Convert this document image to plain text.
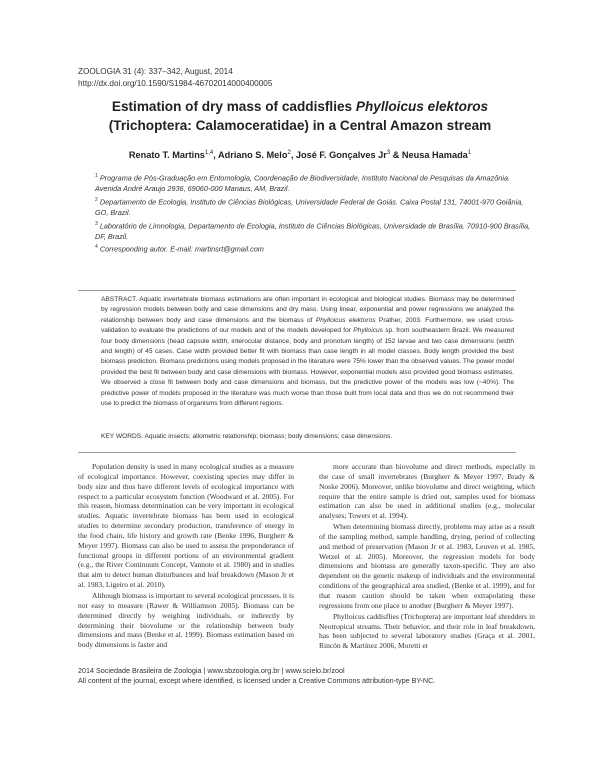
ZOOLOGIA 31 (4): 337–342, August, 2014
http://dx.doi.org/10.1590/S1984-46702014000400005
Estimation of dry mass of caddisflies Phylloicus elektoros
(Trichoptera: Calamoceratidae) in a Central Amazon stream
Renato T. Martins$^{1,4}$, Adriano S. Melo$^2$, José F. Gonçalves Jr$^3$ & Neusa Hamada$^1$

$^1$ Programa de Pós-Graduação em Entomologia, Coordenação de Biodiversidade, Instituto Nacional de Pesquisas da Amazônia. Avenida André Araujo 2936, 69060-000 Manaus, AM, Brazil.

$^2$ Departamento de Ecologia, Instituto de Ciências Biológicas, Universidade Federal de Goiás. Caixa Postal 131, 74001-970 Goiânia, GO, Brazil.

$^3$ Laboratório de Limnologia, Departamento de Ecologia, Instituto de Ciências Biológicas, Universidade de Brasília. 70910-900 Brasília, DF, Brazil.

$^4$ Corresponding autor. E-mail: martinsrt@gmail.com

ABSTRACT. Aquatic invertebrate biomass estimations are often important in ecological and biological studies. Biomass may be determined by regression models between body and case dimensions and dry mass. Using linear, exponential and power regressions we analyzed the relationship between body and case dimensions and the biomass of Phylloicus elektoros Prather, 2003. Furthermore, we used cross-validation to evaluate the predictions of our models and of the models developed for Phylloicus sp. from southeastern Brazil. We measured four body dimensions (head capsule width, interocular distance, body and pronotum length) of 152 larvae and two case dimensions (width and length) of 45 cases. Case width provided better fit with biomass than case length in all model classes. Body length provided the best biomass prediction. Biomass predictions using models proposed in the literature were 75% lower than the observed values. The power model provided the best fit between body and case dimensions with biomass. However, exponential models also provided good biomass estimates. We observed a close fit between body and case dimensions and biomass, but the predictive power of the models was low (~40%). The predictive power of models proposed in the literature was much worse than those built from local data and thus we do not recommend their use to predict the biomass of organisms from different regions.

KEY WORDS. Aquatic insects; allometric relationship; biomass; body dimensions; case dimensions.

Population density is used in many ecological studies as a measure of ecological importance. However, coexisting species may differ in body size and thus have different levels of ecological importance with respect to a particular ecosystem function (Woodward et al. 2005). For this reason, biomass determination can be very important in ecological studies. Aquatic invertebrate biomass has been used in ecological studies to determine secondary production, transference of energy in the food chain, life history and growth rate (Benke 1996, Burgherr & Meyer 1997). Biomass can also be used to assess the preponderance of functional groups in different portions of an environmental gradient (e.g., the River Continuum Concept, Vannote et al. 1980) and in studies that aim to detect human disturbances and leaf breakdown (Mason Jr et al. 1983, Ligeiro et al. 2010).

Although biomass is important to several ecological processes, it is not easy to measure (Rawer & Williamson 2005). Biomass can be determined directly by weighing individuals, or indirectly by determining their biovolume or the relationship between body dimensions and mass (Benke et al. 1999). Biomass estimation based on body dimensions is faster and

more accurate than biovolume and direct methods, especially in the case of small invertebrates (Burgherr & Meyer 1997, Brady & Noske 2006). Moreover, unlike biovolume and direct weighting, which require that the entire sample is dried out, samples used for biomass estimation can also be used in additional studies (e.g., molecular analyses; Towers et al. 1994).

When determining biomass directly, problems may arise as a result of the sampling method, sample handling, drying, period of collecting and method of preservation (Mason Jr et al. 1983, Leuven et al. 1985, Wetzel et al. 2005). Moreover, the regression models for body dimensions and biomass are generally taxon-specific. They are also dependent on the genetic makeup of individuals and the environmental conditions of the geographical area studied, (Benke et al. 1999), and for that reason caution should be taken when extrapolating these regressions from one place to another (Burgherr & Meyer 1997).

Phylloicus caddisflies (Trichoptera) are important leaf shredders in Neotropical streams. Their behavior, and their role in leaf breakdown, has been subjected to several laboratory studies (Graça et al. 2001, Rincón & Martínez 2006, Moretti et

2014 Sociedade Brasileira de Zoologia | www.sbzoologia.org.br | www.scielo.br/zool
All content of the journal, except where identified, is licensed under a Creative Commons attribution-type BY-NC.
